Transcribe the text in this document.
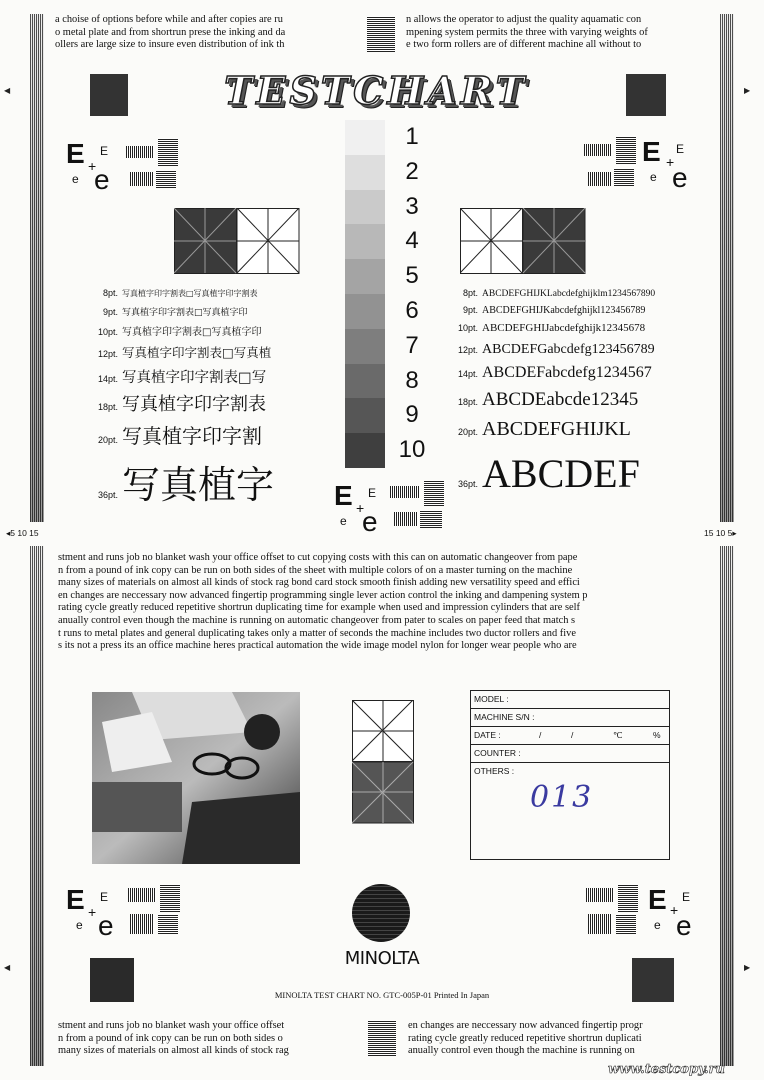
◀	▶
◀	▶
a choise of options before while and after copies are ru
o metal plate and from shortrun prese the inking and da
ollers are large size to insure even distribution of ink th
n allows the operator to adjust the quality aquamatic con
mpening system permits the three with varying weights of
e two form rollers are of different machine all without to
TESTCHART
E E
+
e e
E E
+
e e
E E
+
e e
E E
+
e e
E E
+
e e
1
2
3
4
5
6
7
8
9
10
8pt. 写真植字印字割表□写真植字印字割表
9pt. 写真植字印字割表□写真植字印
10pt. 写真植字印字割表□写真植字印
12pt. 写真植字印字割表□写真植
14pt. 写真植字印字割表□写
18pt. 写真植字印字割表
20pt. 写真植字印字割
36pt. 写真植字
8pt. ABCDEFGHIJKLabcdefghijklm1234567890
9pt. ABCDEFGHIJKabcdefghijkl123456789
10pt. ABCDEFGHIJabcdefghijk12345678
12pt. ABCDEFGabcdefg123456789
14pt. ABCDEFabcdefg1234567
18pt. ABCDEabcde12345
20pt. ABCDEFGHIJKL
36pt. ABCDEF
◂5 10 15	15 10 5▸
stment and runs job no blanket wash your office offset to cut copying costs with this can on automatic changeover from pape
n from a pound of ink copy can be run on both sides of the sheet with multiple colors of on a master turning on the machine
many sizes of materials on almost all kinds of stock rag bond card stock smooth finish adding new versatility speed and effici
en changes are neccessary now advanced fingertip programming single lever action control the inking and dampening system p
rating cycle greatly reduced repetitive shortrun duplicating time for example when used and impression cylinders that are self
anually control even though the machine is running on automatic changeover from pater to scales on paper feed that match s
t runs to metal plates and general duplicating takes only a matter of seconds the machine includes two ductor rollers and five
s its not a press its an office machine heres practical automation the wide image model nylon for longer wear people who are
MODEL :
MACHINE S/N :
DATE :	/	/	℃	%
COUNTER :
OTHERS :
013
MINOLTA
MINOLTA TEST CHART NO. GTC-005P-01 Printed In Japan
stment and runs job no blanket wash your office offset
n from a pound of ink copy can be run on both sides o
many sizes of materials on almost all kinds of stock rag
en changes are neccessary now advanced fingertip progr
rating cycle greatly reduced repetitive shortrun duplicati
anually control even though the machine is running on
www.testcopy.ru
